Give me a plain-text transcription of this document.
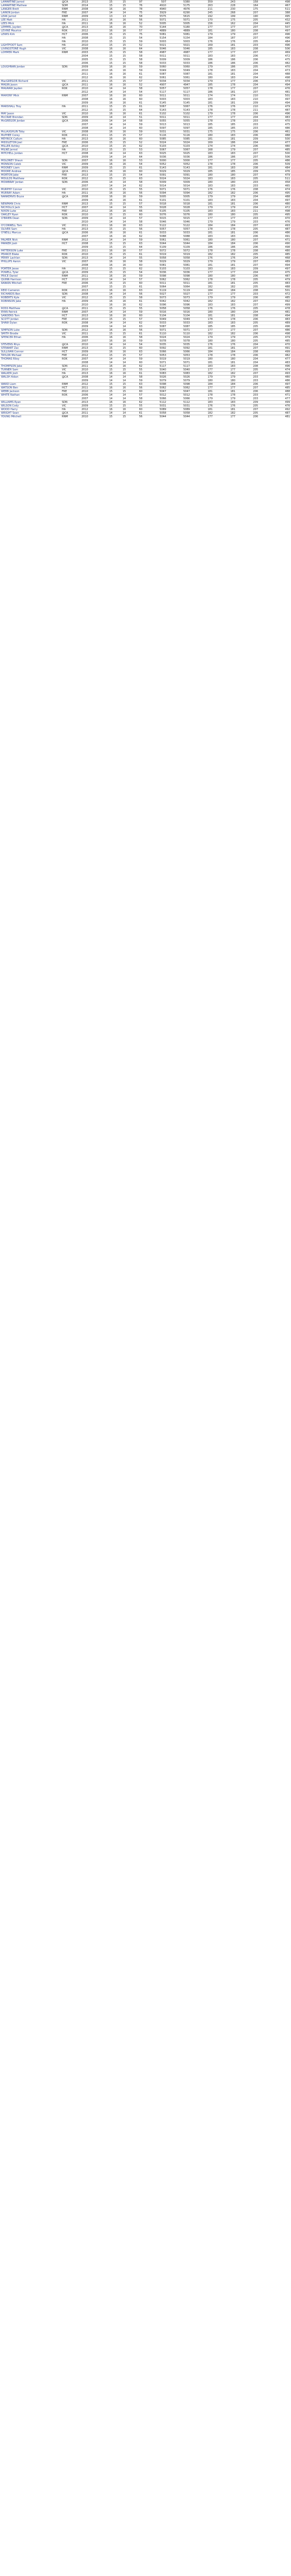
LAMARTINE Jarrod	@CA	2013	15	15	97	507	5380	359	243	158	498
LAMARTINE Mathew	SDM	2014	15	15	76	4910	5175	263	228	164	467
LANGER Brett	RNM	2008	16	16	78	4940	4976	211	230	175	511
LARKIN Jordan	FRE	2007	14	14	75	3929	6290	245	268	207	388
LEAK Jarrod	RNM	2009	13	13	58	5575	5615	192	199	190	495
LEE Matt	HA	2011	16	16	56	5071	5071	170	175	205	432
LEES Mick	HA	2011	16	16	52	5005	5005	156	162	204	445
LEMMEL Jayden	@CA	2013	16	16	70	5144	5180	177	177	207	507
LEVINE Maurice	ROK	2012	16	16	57	4889	4889	181	180	208	497
LEWIS Kirk	HCT	2006	15	15	75	5081	5081	179	179	207	496
	HA	2008	15	15	54	5154	5154	184	187	207	496
	HA	2010	15	15	59	5003	5003	176	176	205	484
LIGHTFOOT Sam	HA	2010	15	15	52	5021	5021	169	181	203	496
LIVINGSTONE Hugh	VIC	2008	16	16	64	5046	5046	185	183	208	506
LOHMER Mark	RNM	2003	15	15	58	4987	4987	177	177	207	469
		2004	15	15	58	5011	5011	183	183	206	472
		2005	15	15	58	5009	5009	186	186	206	475
		2006	15	15	58	5033	5033	186	186	206	482
LOUGHNAN Jordan	SDN	2009	16	16	59	5060	5060	179	186	205	470
		2010	16	16	59	5049	5049	178	183	204	473
		2011	16	16	61	5087	5087	181	181	204	488
		2012	16	16	62	5061	5061	180	183	204	498
MacGREGOR Richard	VIC	2011	15	15	57	5034	5034	179	177	206	474
MAGIN Jaxon	@CA	2011	16	16	52	4907	4947	185	178	204	494
MAGRAW Jayden	ROK	2010	14	14	58	5057	5057	178	177	207	476
		2012	14	14	54	5117	5117	186	181	207	481
MAHONY Mick	RNM	2007	16	16	60	5011	5011	174	174	210	501
		2008	16	16	60	5003	5003	183	183	210	497
		2009	16	16	61	5145	5145	181	181	209	494
MARSHALL Troy	HA	2011	15	15	61	5067	5067	176	176	210	479
		2012	15	15	64	5143	5143	178	178	211	487
MAY Jason	VIC	2010	16	16	61	5102	5102	179	178	206	496
McCRAE Brendan	SDN	2009	14	14	51	5011	5011	177	177	204	483
McGREGOR Jordan	@CA	2006	14	14	58	5055	5055	178	178	203	470
		2007	14	14	59	5013	5013	185	185	203	475
		2008	14	14	60	5097	5097	185	185	203	486
McLAUGHLIN Toby	VIC	2008	16	16	59	5031	5031	175	175	206	461
McPHEE Corey	ROK	2011	15	15	57	5116	5116	180	183	206	488
MEYRICK Callum	HA	2013	16	16	60	5085	5085	181	181	209	500
MIDDLETON Joel	FRE	2006	15	15	52	5024	5024	169	186	204	477
MILLER Ashley	@CA	2010	15	15	62	5103	5103	174	174	206	480
MILNE Jarrod	HA	2012	15	15	53	5067	5067	168	179	207	485
MITCHELL Jordan	HCT	2008	14	14	63	5025	5025	183	183	207	500
		2009	14	14	64	5036	5036	186	186	207	506
MOLONEY Shaun	SDN	2007	16	16	53	5000	5000	177	177	205	486
MONSON Caleb	VIC	2009	16	16	54	5052	5052	178	178	206	509
MOONEY Liam	RNM	2009	15	15	61	5143	5143	181	183	208	484
MOORE Andrew	@CA	2011	16	16	60	5029	5029	185	185	209	476
MORTON Jake	FRE	2013	15	15	54	5091	5091	180	180	207	479
MOULDS Matthew	ROK	2012	15	15	63	5024	5024	183	183	205	511
MOWBRAY Jordan	SDN	2006	14	14	58	5009	5009	180	180	203	458
		2007	14	14	62	5014	5014	183	183	203	465
MURPHY Connor	VIC	2010	15	15	55	5071	5071	176	176	208	474
MURRAY Adam	HA	2011	16	16	56	5094	5094	182	182	206	495
NANKERVIS Bryce	@CA	2008	16	16	59	5005	5005	179	179	204	488
		2009	16	16	61	5101	5101	183	183	204	497
NEWMAN Chris	RNM	2013	15	15	57	5018	5018	181	181	206	480
NICHOLLS Jack	HCT	2007	14	14	55	5028	5028	179	179	204	472
NIXON Luke	FRE	2012	16	16	66	5105	5105	183	183	211	498
OAKLEY Ryan	ROK	2010	15	15	60	5076	5076	180	180	205	495
O'BRIEN Dean	SDN	2009	14	14	57	5015	5015	177	177	203	470
		2010	14	14	58	5046	5046	179	179	203	476
O'CONNELL Tom	VIC	2011	16	16	63	5122	5122	184	184	207	493
OLIVER Sam	HA	2013	15	15	56	5057	5057	178	178	205	487
O'NEILL Marcus	@CA	2006	16	16	61	5033	5033	181	181	206	486
		2007	16	16	62	5088	5088	183	183	206	491
PALMER Nick	RNM	2012	14	14	59	5061	5061	180	180	207	471
PARKER Josh	HCT	2008	15	15	63	5044	5044	184	184	206	490
		2009	15	15	64	5109	5109	186	186	206	498
PATTERSON Luke	FRE	2011	16	16	57	5072	5072	178	178	208	480
PEARCE Blake	ROK	2010	15	15	61	5019	5019	182	182	205	485
PERRY Lachlan	SDN	2013	14	14	55	5058	5058	176	176	204	468
PHILLIPS Aaron	VIC	2007	16	16	58	5029	5029	179	179	207	489
		2008	16	16	60	5081	5081	181	181	207	494
PORTER Jesse	HA	2012	15	15	62	5103	5103	183	183	209	497
POWELL Tyler	@CA	2009	15	15	54	5036	5036	177	177	204	475
PRICE Daniel	RNM	2011	16	16	59	5098	5098	180	180	206	487
QUINN Harrison	HCT	2010	14	14	57	5062	5062	178	178	205	479
RANKIN Mitchell	FRE	2006	15	15	60	5011	5011	181	181	205	483
		2007	15	15	61	5064	5064	182	182	205	488
REID Cameron	ROK	2013	16	16	63	5119	5119	184	184	208	501
RICHARDS Ben	SDN	2008	14	14	56	5027	5027	177	177	203	472
ROBERTS Kyle	VIC	2012	15	15	58	5073	5073	179	179	206	485
ROBINSON Jake	HA	2009	16	16	61	5042	5042	182	182	207	492
		2010	16	16	62	5096	5096	183	183	207	499
ROSS Matthew	@CA	2011	15	15	55	5058	5058	176	176	205	478
RYAN Patrick	RNM	2007	14	14	59	5016	5016	180	180	204	481
SANDERS Tom	HCT	2013	16	16	60	5104	5104	181	181	208	494
SCOTT Jordan	FRE	2010	15	15	57	5049	5049	178	178	206	483
SHAW Dylan	ROK	2008	14	14	62	5033	5033	183	183	205	489
		2009	14	14	63	5087	5087	185	185	205	496
SIMPSON Luke	SDN	2012	16	16	56	5071	5071	177	177	207	486
SMITH Brodie	VIC	2011	15	15	61	5110	5110	182	182	206	498
SPENCER Ethan	HA	2006	16	16	58	5024	5024	179	179	205	479
		2007	16	16	59	5078	5078	180	180	205	485
STEVENS Rhys	@CA	2010	14	14	54	5035	5035	176	176	204	470
STEWART Zac	RNM	2013	15	15	60	5092	5092	181	181	207	491
SULLIVAN Connor	HCT	2009	16	16	63	5066	5066	184	184	208	499
TAYLOR Michael	FRE	2012	15	15	57	5053	5053	178	178	206	482
THOMAS Riley	ROK	2007	14	14	59	5019	5019	180	180	204	477
		2008	14	14	60	5071	5071	181	181	204	483
THOMPSON Jake	SDN	2011	16	16	62	5117	5117	183	183	208	496
TURNER Sam	VIC	2010	15	15	55	5040	5040	177	177	205	474
WALKER Josh	HA	2013	16	16	61	5083	5083	182	182	207	493
WALSH Aidan	@CA	2008	14	14	58	5026	5026	179	179	203	480
		2009	14	14	59	5079	5079	180	180	203	486
WARD Liam	RNM	2012	15	15	63	5098	5098	184	184	206	497
WATSON Ben	HCT	2011	16	16	56	5062	5062	177	177	207	485
WEBB Jackson	FRE	2010	15	15	60	5047	5047	181	181	206	488
WHITE Nathan	ROK	2006	14	14	57	5012	5012	178	178	203	471
		2007	14	14	58	5066	5066	179	179	203	477
WILLIAMS Ryan	SDN	2013	16	16	62	5112	5112	183	183	209	499
WILSON Cody	VIC	2009	15	15	55	5031	5031	176	176	205	476
WOOD Harry	HA	2012	16	16	60	5089	5089	181	181	207	492
WRIGHT Sean	@CA	2011	14	14	61	5058	5058	182	182	205	487
YOUNG Mitchell	RNM	2010	15	15	56	5044	5044	177	177	206	481
